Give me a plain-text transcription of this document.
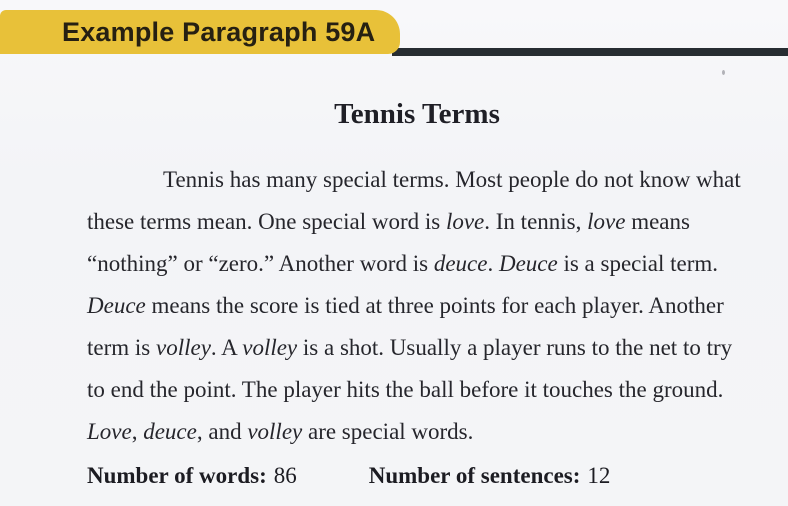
Example Paragraph 59A
Tennis Terms
Tennis has many special terms. Most people do not know what
these terms mean. One special word is love. In tennis, love means
“nothing” or “zero.” Another word is deuce. Deuce is a special term.
Deuce means the score is tied at three points for each player. Another
term is volley. A volley is a shot. Usually a player runs to the net to try
to end the point. The player hits the ball before it touches the ground.
Love, deuce, and volley are special words.
Number of words: 86	Number of sentences: 12
